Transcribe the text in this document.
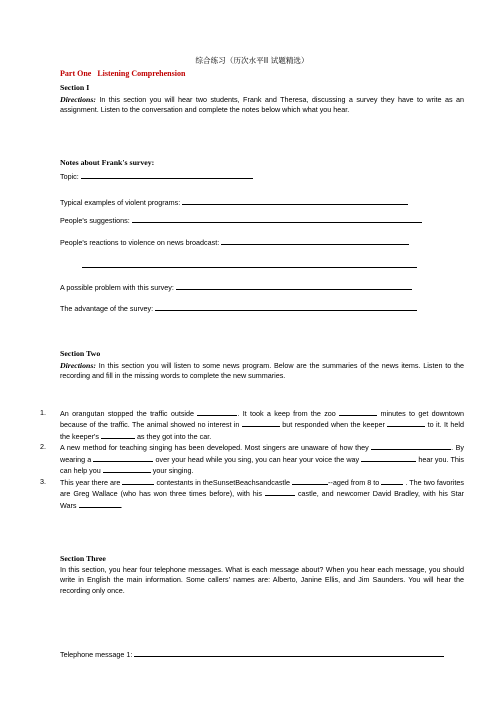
综合练习（历次水平II 试题精选）
Part One Listening Comprehension
Section I
Directions: In this section you will hear two students, Frank and Theresa, discussing a survey they have to write as an assignment. Listen to the conversation and complete the notes below which what you hear.
Notes about Frank's survey:
Topic:
Typical examples of violent programs:
People's suggestions:
People's reactions to violence on news broadcast:
A possible problem with this survey:
The advantage of the survey:
Section Two
Directions: In this section you will listen to some news program. Below are the summaries of the news items. Listen to the recording and fill in the missing words to complete the new summaries.
1. An orangutan stopped the traffic outside	. It took a keep from the zoo	minutes to get downtown because of the traffic. The animal showed no interest in	but responded when the keeper	to it. It held the keeper's	as they got into the car.
2. A new method for teaching singing has been developed. Most singers are unaware of how they	. By wearing a	over your head while you sing, you can hear your voice the way	hear you. This can help you	your singing.
3. This year there are	contestants in theSunsetBeachsandcastle	--aged from 8 to	. The two favorites are Greg Wallace (who has won three times before), with his	castle, and newcomer David Bradley, with his Star Wars	.
Section Three
In this section, you hear four telephone messages. What is each message about? When you hear each message, you should write in English the main information. Some callers' names are: Alberto, Janine Ellis, and Jim Saunders. You will hear the recording only once.
Telephone message 1:
